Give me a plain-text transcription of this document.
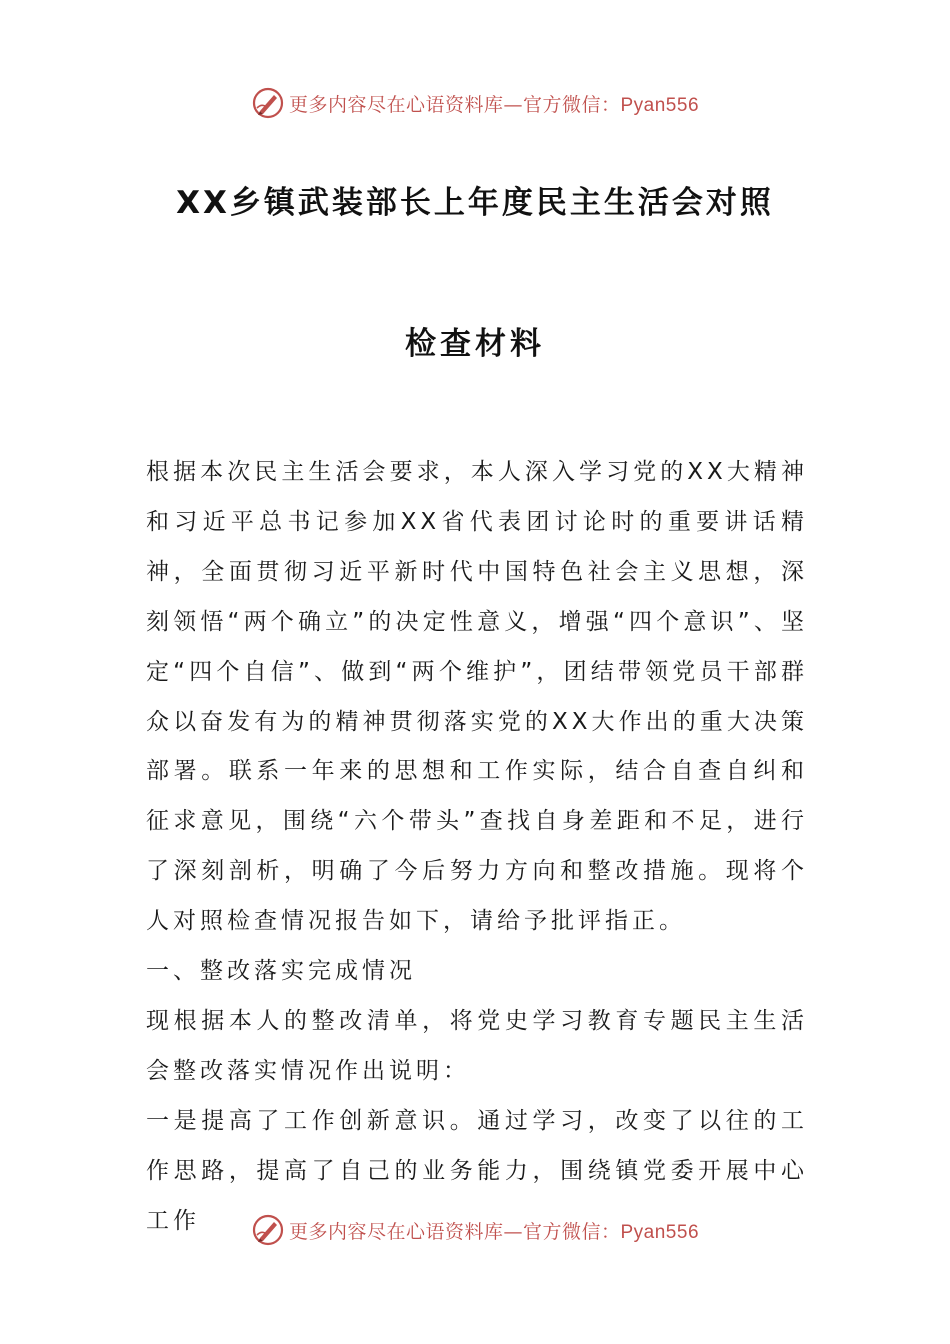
更多内容尽在心语资料库—官方微信：Pyan556
XX乡镇武装部长上年度民主生活会对照
检查材料

根据本次民主生活会要求，本人深入学习党的XX大精神和习近平总书记参加XX省代表团讨论时的重要讲话精神，全面贯彻习近平新时代中国特色社会主义思想，深刻领悟“两个确立”的决定性意义，增强“四个意识”、坚定“四个自信”、做到“两个维护”，团结带领党员干部群众以奋发有为的精神贯彻落实党的XX大作出的重大决策部署。联系一年来的思想和工作实际，结合自查自纠和征求意见，围绕“六个带头”查找自身差距和不足，进行了深刻剖析，明确了今后努力方向和整改措施。现将个人对照检查情况报告如下，请给予批评指正。

一、整改落实完成情况

现根据本人的整改清单，将党史学习教育专题民主生活会整改落实情况作出说明：

一是提高了工作创新意识。通过学习，改变了以往的工作思路，提高了自己的业务能力，围绕镇党委开展中心工作	更多内容尽在心语资料库—官方微信：Pyan556
